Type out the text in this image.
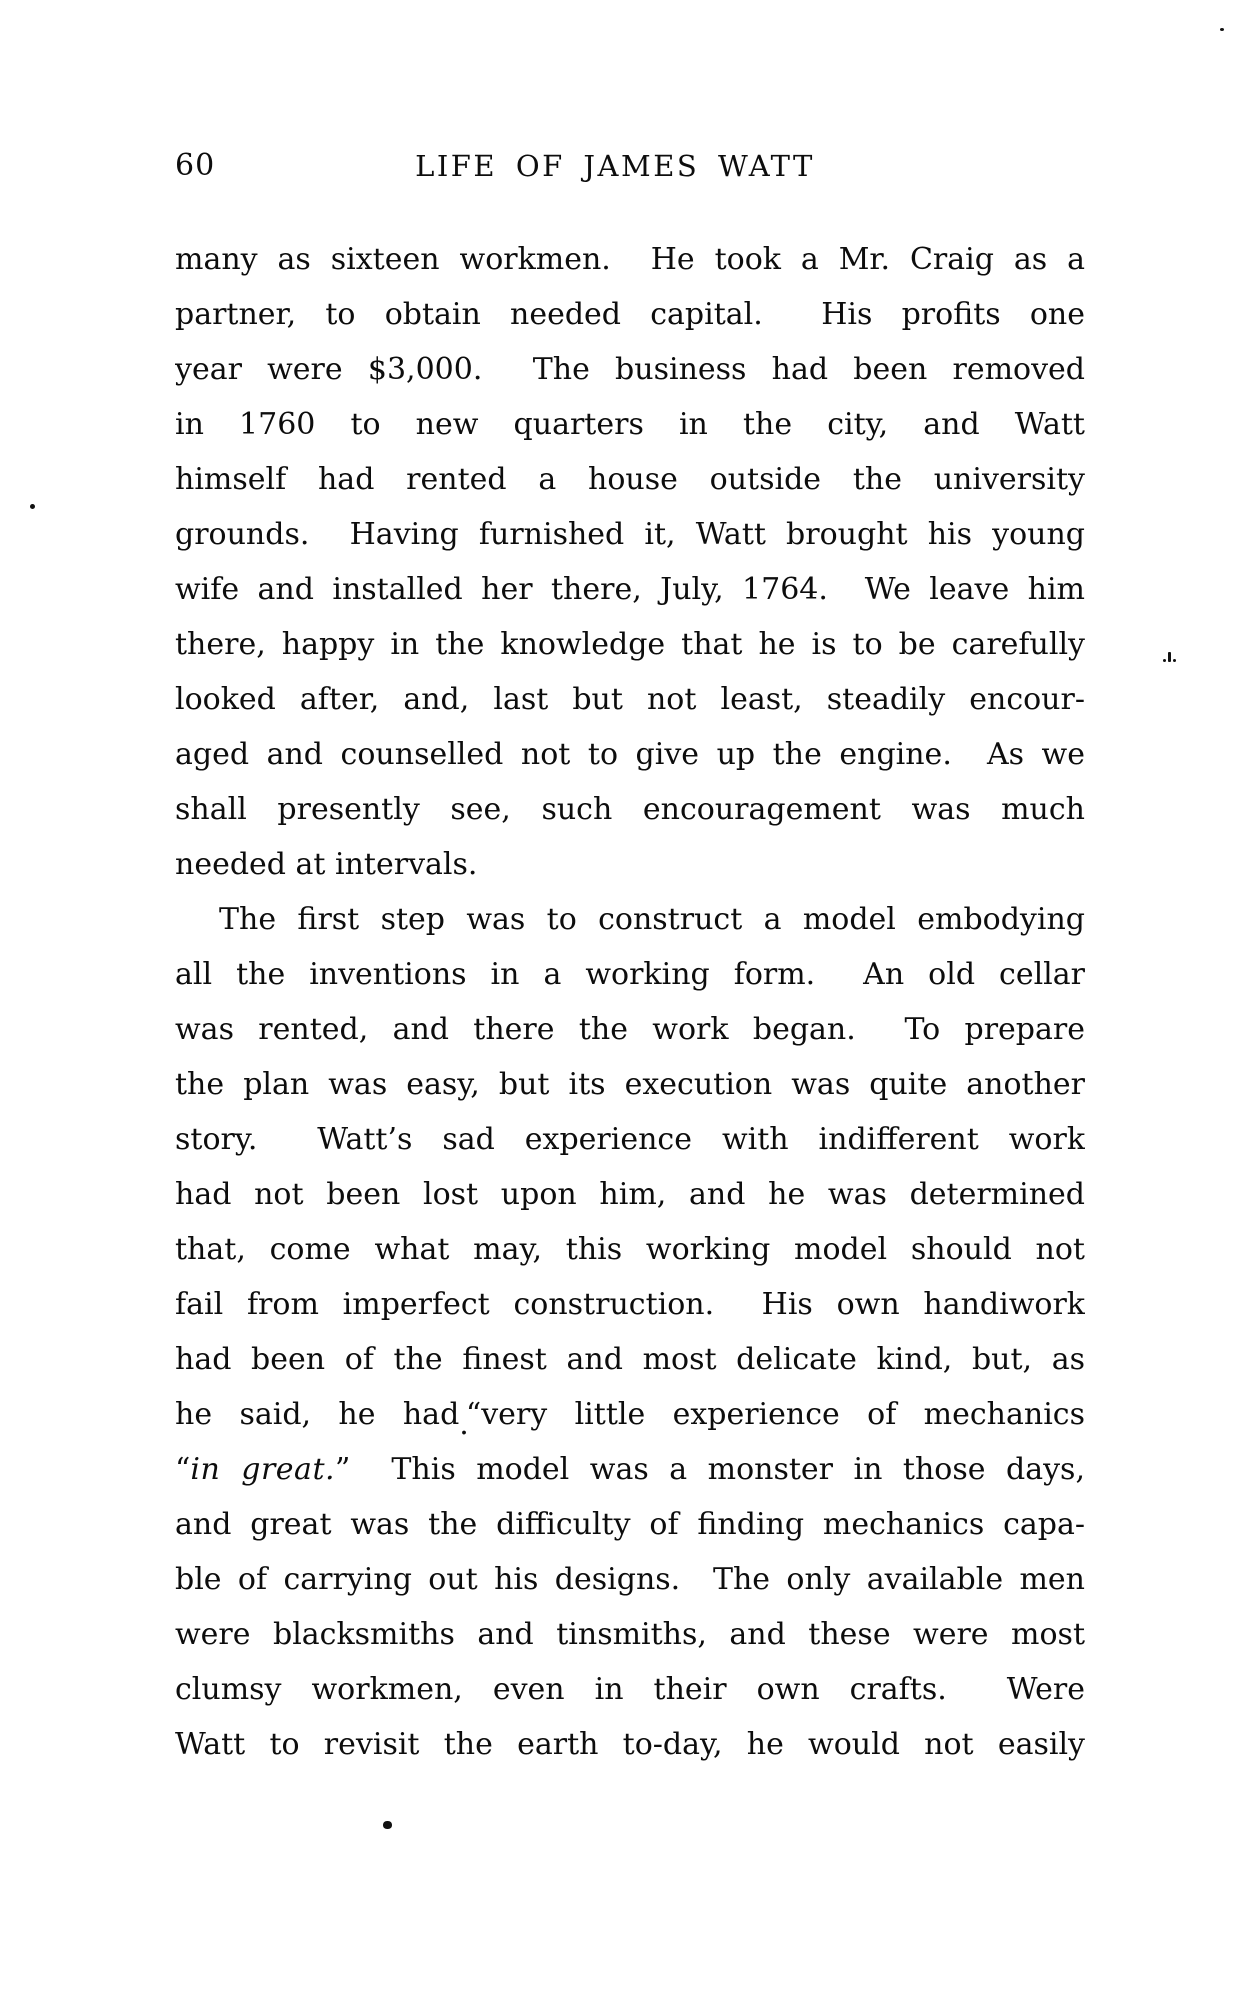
60	LIFE OF JAMES WATT
many as sixteen workmen.  He took a Mr. Craig as a
partner, to obtain needed capital.  His profits one
year were $3,000.  The business had been removed
in 1760 to new quarters in the city, and Watt
himself had rented a house outside the university
grounds.  Having furnished it, Watt brought his young
wife and installed her there, July, 1764.  We leave him
there, happy in the knowledge that he is to be carefully
looked after, and, last but not least, steadily encour-
aged and counselled not to give up the engine.  As we
shall presently see, such encouragement was much
needed at intervals.
The first step was to construct a model embodying
all the inventions in a working form.  An old cellar
was rented, and there the work began.  To prepare
the plan was easy, but its execution was quite another
story.  Watt’s sad experience with indifferent work
had not been lost upon him, and he was determined
that, come what may, this working model should not
fail from imperfect construction.  His own handiwork
had been of the finest and most delicate kind, but, as
he said, he had.“very little experience of mechanics
“in great.”  This model was a monster in those days,
and great was the difficulty of finding mechanics capa-
ble of carrying out his designs.  The only available men
were blacksmiths and tinsmiths, and these were most
clumsy workmen, even in their own crafts.  Were
Watt to revisit the earth to-day, he would not easily
